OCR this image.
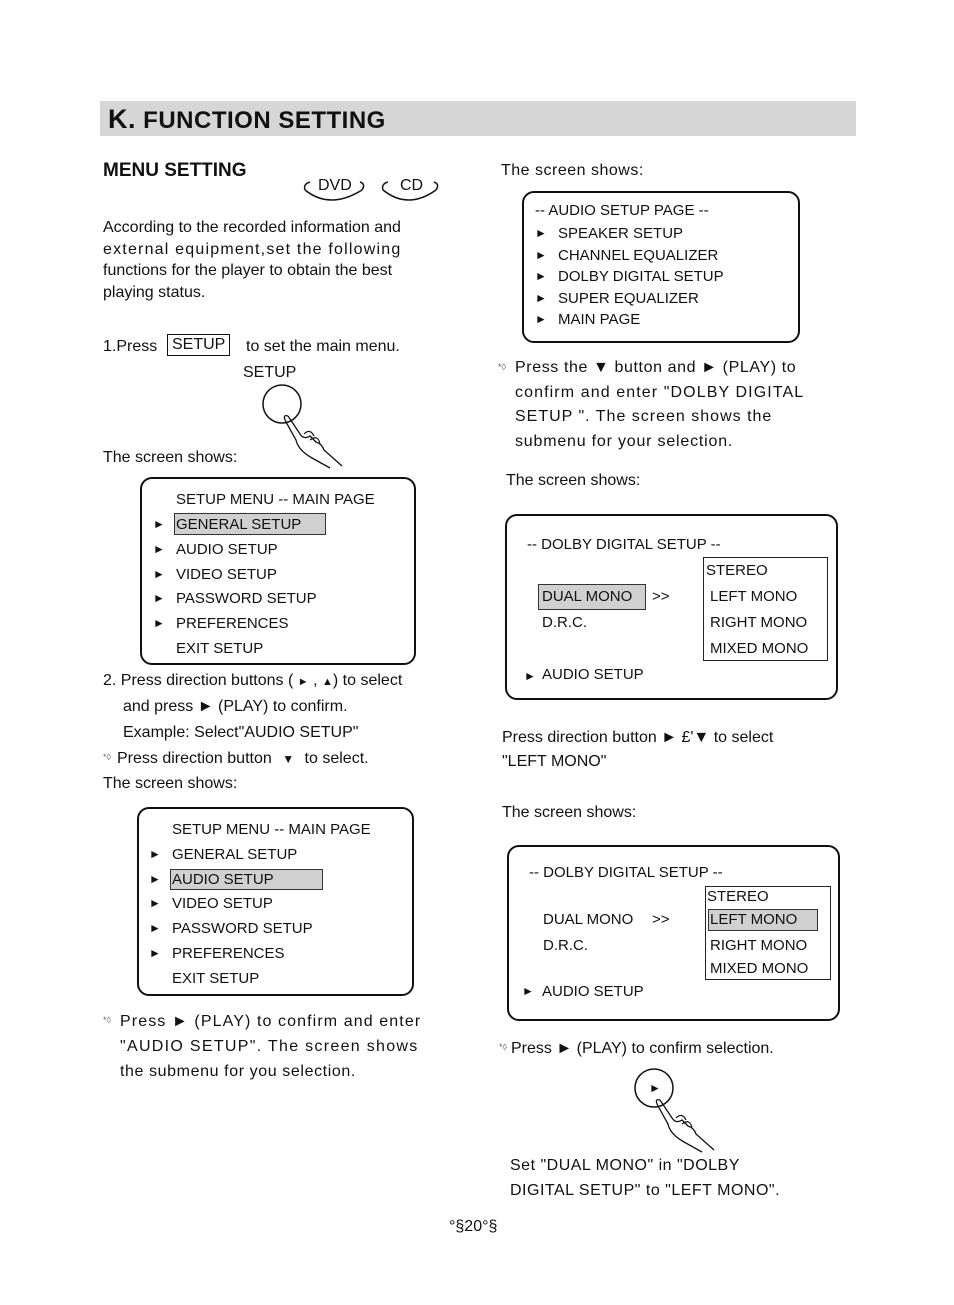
K. FUNCTION SETTING
MENU SETTING
DVD	CD
According to the recorded information and
external equipment,set the following
functions for the player to obtain the best
playing status.
1.Press SETUP	to set the main menu.
SETUP
The screen shows:
SETUP MENU -- MAIN PAGE
► GENERAL SETUP
► AUDIO SETUP
► VIDEO SETUP
► PASSWORD SETUP
► PREFERENCES
EXIT SETUP
2. Press direction buttons ( ► , ▲) to select
and press ► (PLAY) to confirm.
Example: Select"AUDIO SETUP"
*◊ Press direction button ▼ to select.
The screen shows:
SETUP MENU -- MAIN PAGE
► GENERAL SETUP
► AUDIO SETUP
► VIDEO SETUP
► PASSWORD SETUP
► PREFERENCES
EXIT SETUP
*◊ Press ► (PLAY) to confirm and enter
"AUDIO SETUP". The screen shows
the submenu for you selection.
The screen shows:
-- AUDIO SETUP PAGE --
► SPEAKER SETUP
► CHANNEL EQUALIZER
► DOLBY DIGITAL SETUP
► SUPER EQUALIZER
► MAIN PAGE
*◊ Press the ▼ button and ► (PLAY) to
confirm and enter "DOLBY DIGITAL
SETUP ". The screen shows the
submenu for your selection.
The screen shows:
-- DOLBY DIGITAL SETUP --
DUAL MONO >>
D.R.C.
STEREO
LEFT MONO
RIGHT MONO
MIXED MONO
► AUDIO SETUP
Press direction button ► £'▼ to select
"LEFT MONO"
The screen shows:
-- DOLBY DIGITAL SETUP --
STEREO
LEFT MONO
RIGHT MONO
MIXED MONO
DUAL MONO >>
D.R.C.
► AUDIO SETUP
*◊ Press ► (PLAY) to confirm selection.
►
Set "DUAL MONO" in "DOLBY
DIGITAL SETUP" to "LEFT MONO".
°§20°§
